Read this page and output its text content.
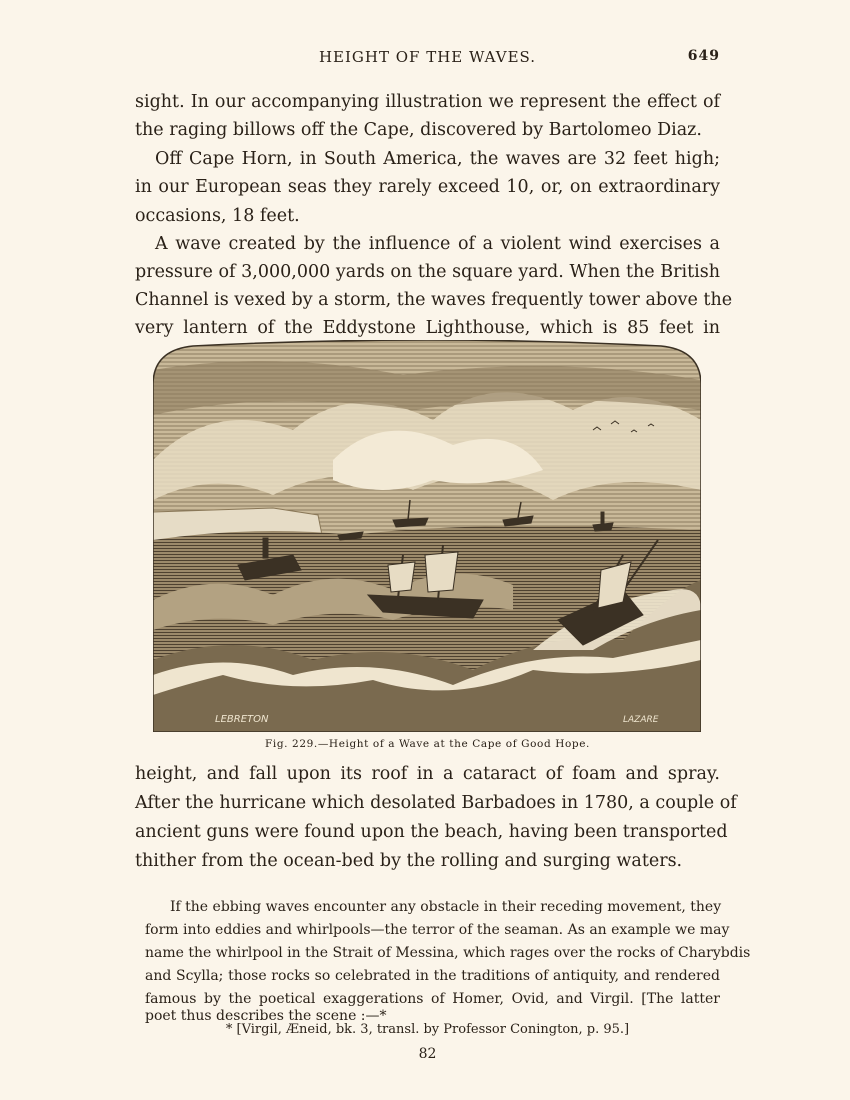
HEIGHT OF THE WAVES.	649
sight. In our accompanying illustration we represent the effect of
the raging billows off the Cape, discovered by Bartolomeo Diaz.
Off Cape Horn, in South America, the waves are 32 feet high;
in our European seas they rarely exceed 10, or, on extraordinary
occasions, 18 feet.
A wave created by the influence of a violent wind exercises a
pressure of 3,000,000 yards on the square yard. When the British
Channel is vexed by a storm, the waves frequently tower above the
very lantern of the Eddystone Lighthouse, which is 85 feet in
LEBRETON	LAZARE
Fig. 229.—Height of a Wave at the Cape of Good Hope.
height, and fall upon its roof in a cataract of foam and spray.
After the hurricane which desolated Barbadoes in 1780, a couple of
ancient guns were found upon the beach, having been transported
thither from the ocean-bed by the rolling and surging waters.
If the ebbing waves encounter any obstacle in their receding movement, they
form into eddies and whirlpools—the terror of the seaman. As an example we may
name the whirlpool in the Strait of Messina, which rages over the rocks of Charybdis
and Scylla; those rocks so celebrated in the traditions of antiquity, and rendered
famous by the poetical exaggerations of Homer, Ovid, and Virgil. [The latter
poet thus describes the scene :—*
* [Virgil, Æneid, bk. 3, transl. by Professor Conington, p. 95.]
82
